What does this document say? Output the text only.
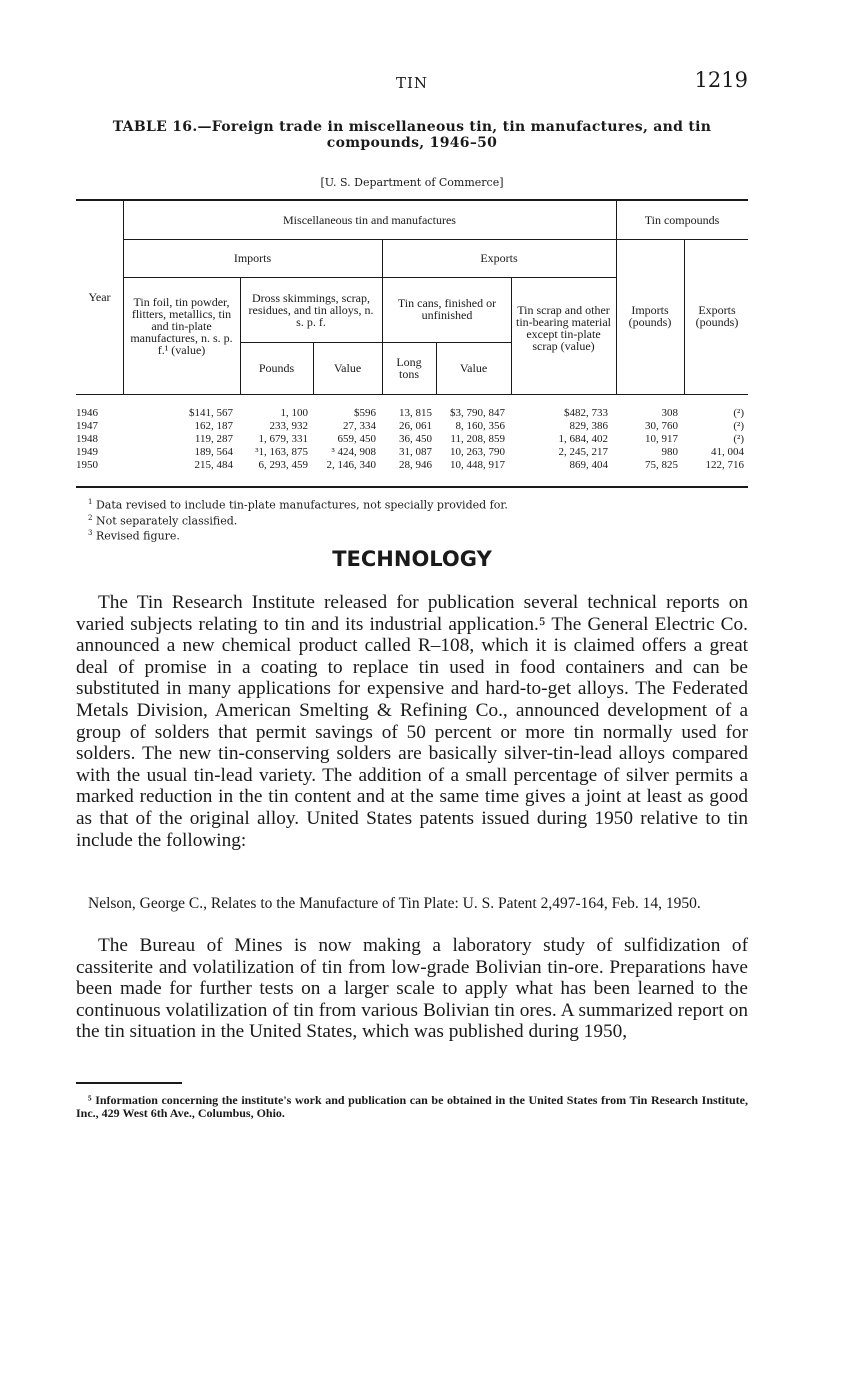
TIN	1219
TABLE 16.—Foreign trade in miscellaneous tin, tin manufactures, and tin compounds, 1946–50
[U. S. Department of Commerce]
Year
Miscellaneous tin and manufactures	Tin compounds
Imports	Exports
Tin foil, tin powder, flitters, metallics, tin and tin-plate manufactures, n. s. p. f.¹ (value)
Dross skimmings, scrap, residues, and tin alloys, n. s. p. f.
Pounds	Value
Tin cans, finished or unfinished
Long tons	Value
Tin scrap and other tin-bearing material except tin-plate scrap (value)
Imports (pounds)
Exports (pounds)
1946	$141, 567	1, 100	$596	13, 815	$3, 790, 847	$482, 733	308	(²)
1947	162, 187	233, 932	27, 334	26, 061	8, 160, 356	829, 386	30, 760	(²)
1948	119, 287	1, 679, 331	659, 450	36, 450	11, 208, 859	1, 684, 402	10, 917	(²)
1949	189, 564	³1, 163, 875	³ 424, 908	31, 087	10, 263, 790	2, 245, 217	980	41, 004
1950	215, 484	6, 293, 459	2, 146, 340	28, 946	10, 448, 917	869, 404	75, 825	122, 716
$^1$ Data revised to include tin-plate manufactures, not specially provided for.
$^2$ Not separately classified.
$^3$ Revised figure.
TECHNOLOGY
The Tin Research Institute released for publication several technical reports on varied subjects relating to tin and its industrial application.⁵ The General Electric Co. announced a new chemical product called R–108, which it is claimed offers a great deal of promise in a coating to replace tin used in food containers and can be substituted in many applications for expensive and hard-to-get alloys. The Federated Metals Division, American Smelting & Refining Co., announced development of a group of solders that permit savings of 50 percent or more tin normally used for solders. The new tin-conserving solders are basically silver-tin-lead alloys compared with the usual tin-lead variety. The addition of a small percentage of silver permits a marked reduction in the tin content and at the same time gives a joint at least as good as that of the original alloy. United States patents issued during 1950 relative to tin include the following:
Nelson, George C., Relates to the Manufacture of Tin Plate: U. S. Patent 2,497-164, Feb. 14, 1950.
The Bureau of Mines is now making a laboratory study of sulfidization of cassiterite and volatilization of tin from low-grade Bolivian tin-ore. Preparations have been made for further tests on a larger scale to apply what has been learned to the continuous volatilization of tin from various Bolivian tin ores. A summarized report on the tin situation in the United States, which was published during 1950,
⁵ Information concerning the institute's work and publication can be obtained in the United States from Tin Research Institute, Inc., 429 West 6th Ave., Columbus, Ohio.
